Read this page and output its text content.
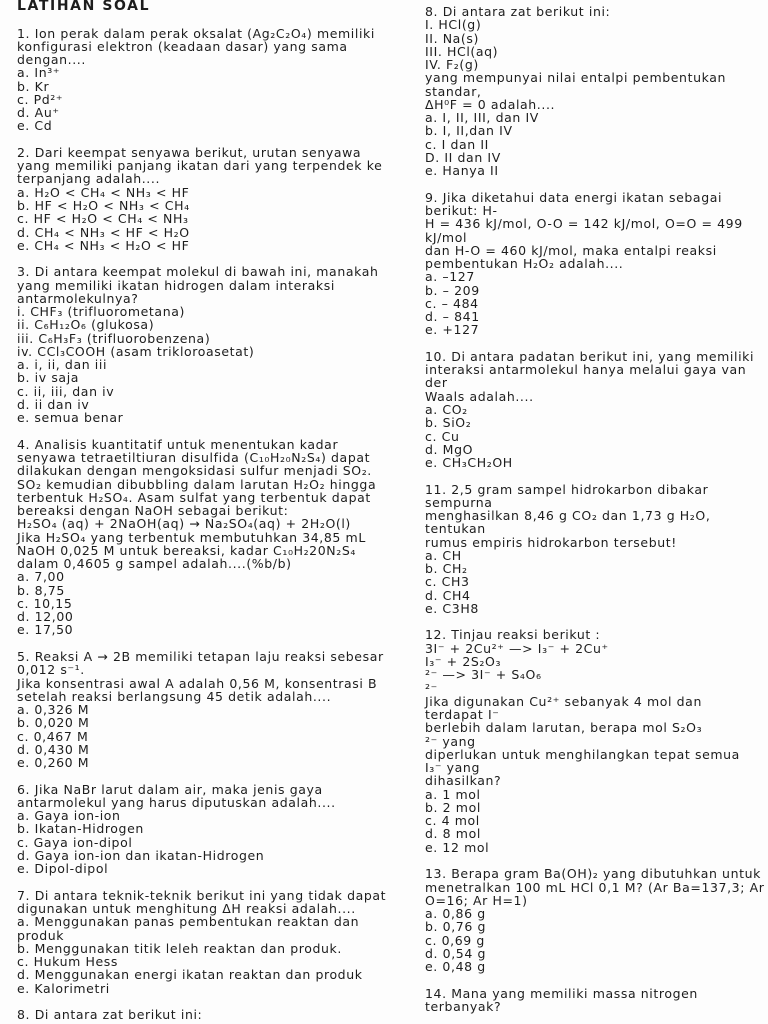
LATIHAN SOAL
1. Ion perak dalam perak oksalat (Ag₂C₂O₄) memiliki
konfigurasi elektron (keadaan dasar) yang sama
dengan....
a. In³⁺
b. Kr
c. Pd²⁺
d. Au⁺
e. Cd
2. Dari keempat senyawa berikut, urutan senyawa
yang memiliki panjang ikatan dari yang terpendek ke
terpanjang adalah....
a. H₂O < CH₄ < NH₃ < HF
b. HF < H₂O < NH₃ < CH₄
c. HF < H₂O < CH₄ < NH₃
d. CH₄ < NH₃ < HF < H₂O
e. CH₄ < NH₃ < H₂O < HF
3. Di antara keempat molekul di bawah ini, manakah
yang memiliki ikatan hidrogen dalam interaksi
antarmolekulnya?
i. CHF₃ (trifluorometana)
ii. C₆H₁₂O₆ (glukosa)
iii. C₆H₃F₃ (trifluorobenzena)
iv. CCl₃COOH (asam trikloroasetat)
a. i, ii, dan iii
b. iv saja
c. ii, iii, dan iv
d. ii dan iv
e. semua benar
4. Analisis kuantitatif untuk menentukan kadar
senyawa tetraetiltiuran disulfida (C₁₀H₂₀N₂S₄) dapat
dilakukan dengan mengoksidasi sulfur menjadi SO₂.
SO₂ kemudian dibubbling dalam larutan H₂O₂ hingga
terbentuk H₂SO₄. Asam sulfat yang terbentuk dapat
bereaksi dengan NaOH sebagai berikut:
H₂SO₄ (aq) + 2NaOH(aq) → Na₂SO₄(aq) + 2H₂O(l)
Jika H₂SO₄ yang terbentuk membutuhkan 34,85 mL
NaOH 0,025 M untuk bereaksi, kadar C₁₀H₂20N₂S₄
dalam 0,4605 g sampel adalah....(%b/b)
a. 7,00
b. 8,75
c. 10,15
d. 12,00
e. 17,50
5. Reaksi A → 2B memiliki tetapan laju reaksi sebesar
0,012 s⁻¹.
Jika konsentrasi awal A adalah 0,56 M, konsentrasi B
setelah reaksi berlangsung 45 detik adalah....
a. 0,326 M
b. 0,020 M
c. 0,467 M
d. 0,430 M
e. 0,260 M
6. Jika NaBr larut dalam air, maka jenis gaya
antarmolekul yang harus diputuskan adalah....
a. Gaya ion-ion
b. Ikatan-Hidrogen
c. Gaya ion-dipol
d. Gaya ion-ion dan ikatan-Hidrogen
e. Dipol-dipol
7. Di antara teknik-teknik berikut ini yang tidak dapat
digunakan untuk menghitung ΔH reaksi adalah....
a. Menggunakan panas pembentukan reaktan dan
produk
b. Menggunakan titik leleh reaktan dan produk.
c. Hukum Hess
d. Menggunakan energi ikatan reaktan dan produk
e. Kalorimetri
8. Di antara zat berikut ini:
8. Di antara zat berikut ini:
I. HCl(g)
II. Na(s)
III. HCl(aq)
IV. F₂(g)
yang mempunyai nilai entalpi pembentukan
standar,
ΔH⁰F = 0 adalah....
a. I, II, III, dan IV
b. I, II,dan IV
c. I dan II
D. II dan IV
e. Hanya II
9. Jika diketahui data energi ikatan sebagai
berikut: H-
H = 436 kJ/mol, O-O = 142 kJ/mol, O=O = 499
kJ/mol
dan H-O = 460 kJ/mol, maka entalpi reaksi
pembentukan H₂O₂ adalah....
a. –127
b. – 209
c. – 484
d. – 841
e. +127
10. Di antara padatan berikut ini, yang memiliki
interaksi antarmolekul hanya melalui gaya van
der
Waals adalah....
a. CO₂
b. SiO₂
c. Cu
d. MgO
e. CH₃CH₂OH
11. 2,5 gram sampel hidrokarbon dibakar
sempurna
menghasilkan 8,46 g CO₂ dan 1,73 g H₂O,
tentukan
rumus empiris hidrokarbon tersebut!
a. CH
b. CH₂
c. CH3
d. CH4
e. C3H8
12. Tinjau reaksi berikut :
3I⁻ + 2Cu²⁺ —> I₃⁻ + 2Cu⁺
I₃⁻ + 2S₂O₃
²⁻ —> 3I⁻ + S₄O₆
²⁻
Jika digunakan Cu²⁺ sebanyak 4 mol dan
terdapat I⁻
berlebih dalam larutan, berapa mol S₂O₃
²⁻ yang
diperlukan untuk menghilangkan tepat semua
I₃⁻ yang
dihasilkan?
a. 1 mol
b. 2 mol
c. 4 mol
d. 8 mol
e. 12 mol
13. Berapa gram Ba(OH)₂ yang dibutuhkan untuk
menetralkan 100 mL HCl 0,1 M? (Ar Ba=137,3; Ar
O=16; Ar H=1)
a. 0,86 g
b. 0,76 g
c. 0,69 g
d. 0,54 g
e. 0,48 g
14. Mana yang memiliki massa nitrogen
terbanyak?
